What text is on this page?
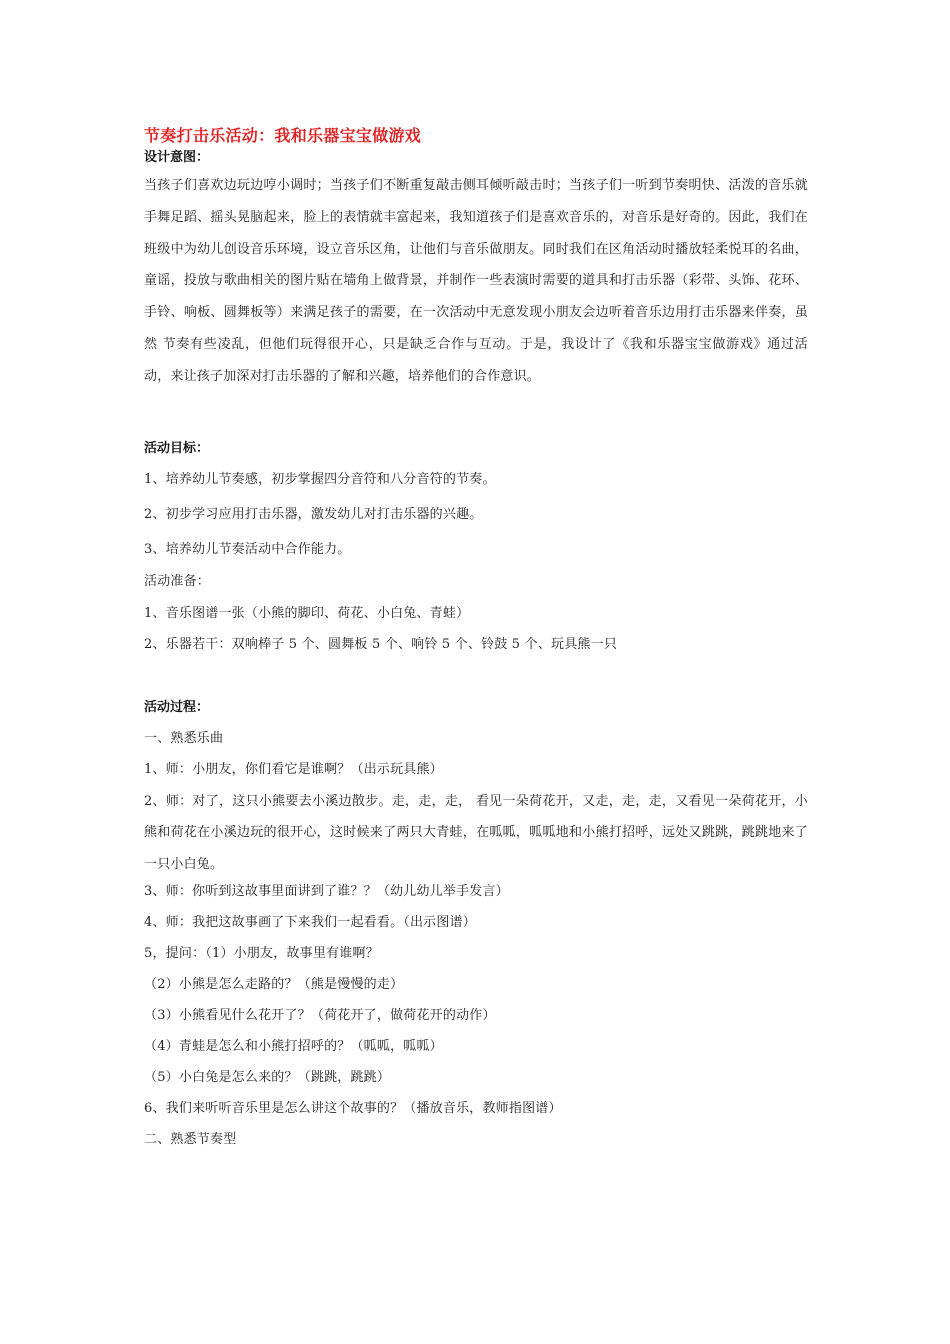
节奏打击乐活动：我和乐器宝宝做游戏
设计意图：

当孩子们喜欢边玩边哼小调时；当孩子们不断重复敲击侧耳倾听敲击时；当孩子们一听到节奏明快、活泼的音乐就手舞足蹈、摇头晃脑起来，脸上的表情就丰富起来，我知道孩子们是喜欢音乐的，对音乐是好奇的。因此，我们在班级中为幼儿创设音乐环境，设立音乐区角，让他们与音乐做朋友。同时我们在区角活动时播放轻柔悦耳的名曲，童谣，投放与歌曲相关的图片贴在墙角上做背景，并制作一些表演时需要的道具和打击乐器（彩带、头饰、花环、手铃、响板、圆舞板等）来满足孩子的需要，在一次活动中无意发现小朋友会边听着音乐边用打击乐器来伴奏，虽然 节奏有些凌乱，但他们玩得很开心，只是缺乏合作与互动。于是，我设计了《我和乐器宝宝做游戏》通过活动，来让孩子加深对打击乐器的了解和兴趣，培养他们的合作意识。

活动目标：

1、培养幼儿节奏感，初步掌握四分音符和八分音符的节奏。

2、初步学习应用打击乐器，激发幼儿对打击乐器的兴趣。

3、培养幼儿节奏活动中合作能力。

活动准备：

1、音乐图谱一张（小熊的脚印、荷花、小白兔、青蛙）

2、乐器若干：双响棒子 5 个、圆舞板 5 个、响铃 5 个、铃鼓 5 个、玩具熊一只

活动过程：

一、熟悉乐曲

1、师：小朋友，你们看它是谁啊？（出示玩具熊）

2、师：对了，这只小熊要去小溪边散步。走，走，走， 看见一朵荷花开，又走，走，走，又看见一朵荷花开，小熊和荷花在小溪边玩的很开心，这时候来了两只大青蛙，在呱呱，呱呱地和小熊打招呼，远处又跳跳，跳跳地来了一只小白兔。

3、师：你听到这故事里面讲到了谁？？（幼儿幼儿举手发言）

4、师：我把这故事画了下来我们一起看看。（出示图谱）

5，提问：（1）小朋友，故事里有谁啊？

（2）小熊是怎么走路的？（熊是慢慢的走）

（3）小熊看见什么花开了？（荷花开了，做荷花开的动作）

（4）青蛙是怎么和小熊打招呼的？（呱呱，呱呱）

（5）小白兔是怎么来的？（跳跳，跳跳）

6、我们来听听音乐里是怎么讲这个故事的？（播放音乐，教师指图谱）

二、熟悉节奏型
